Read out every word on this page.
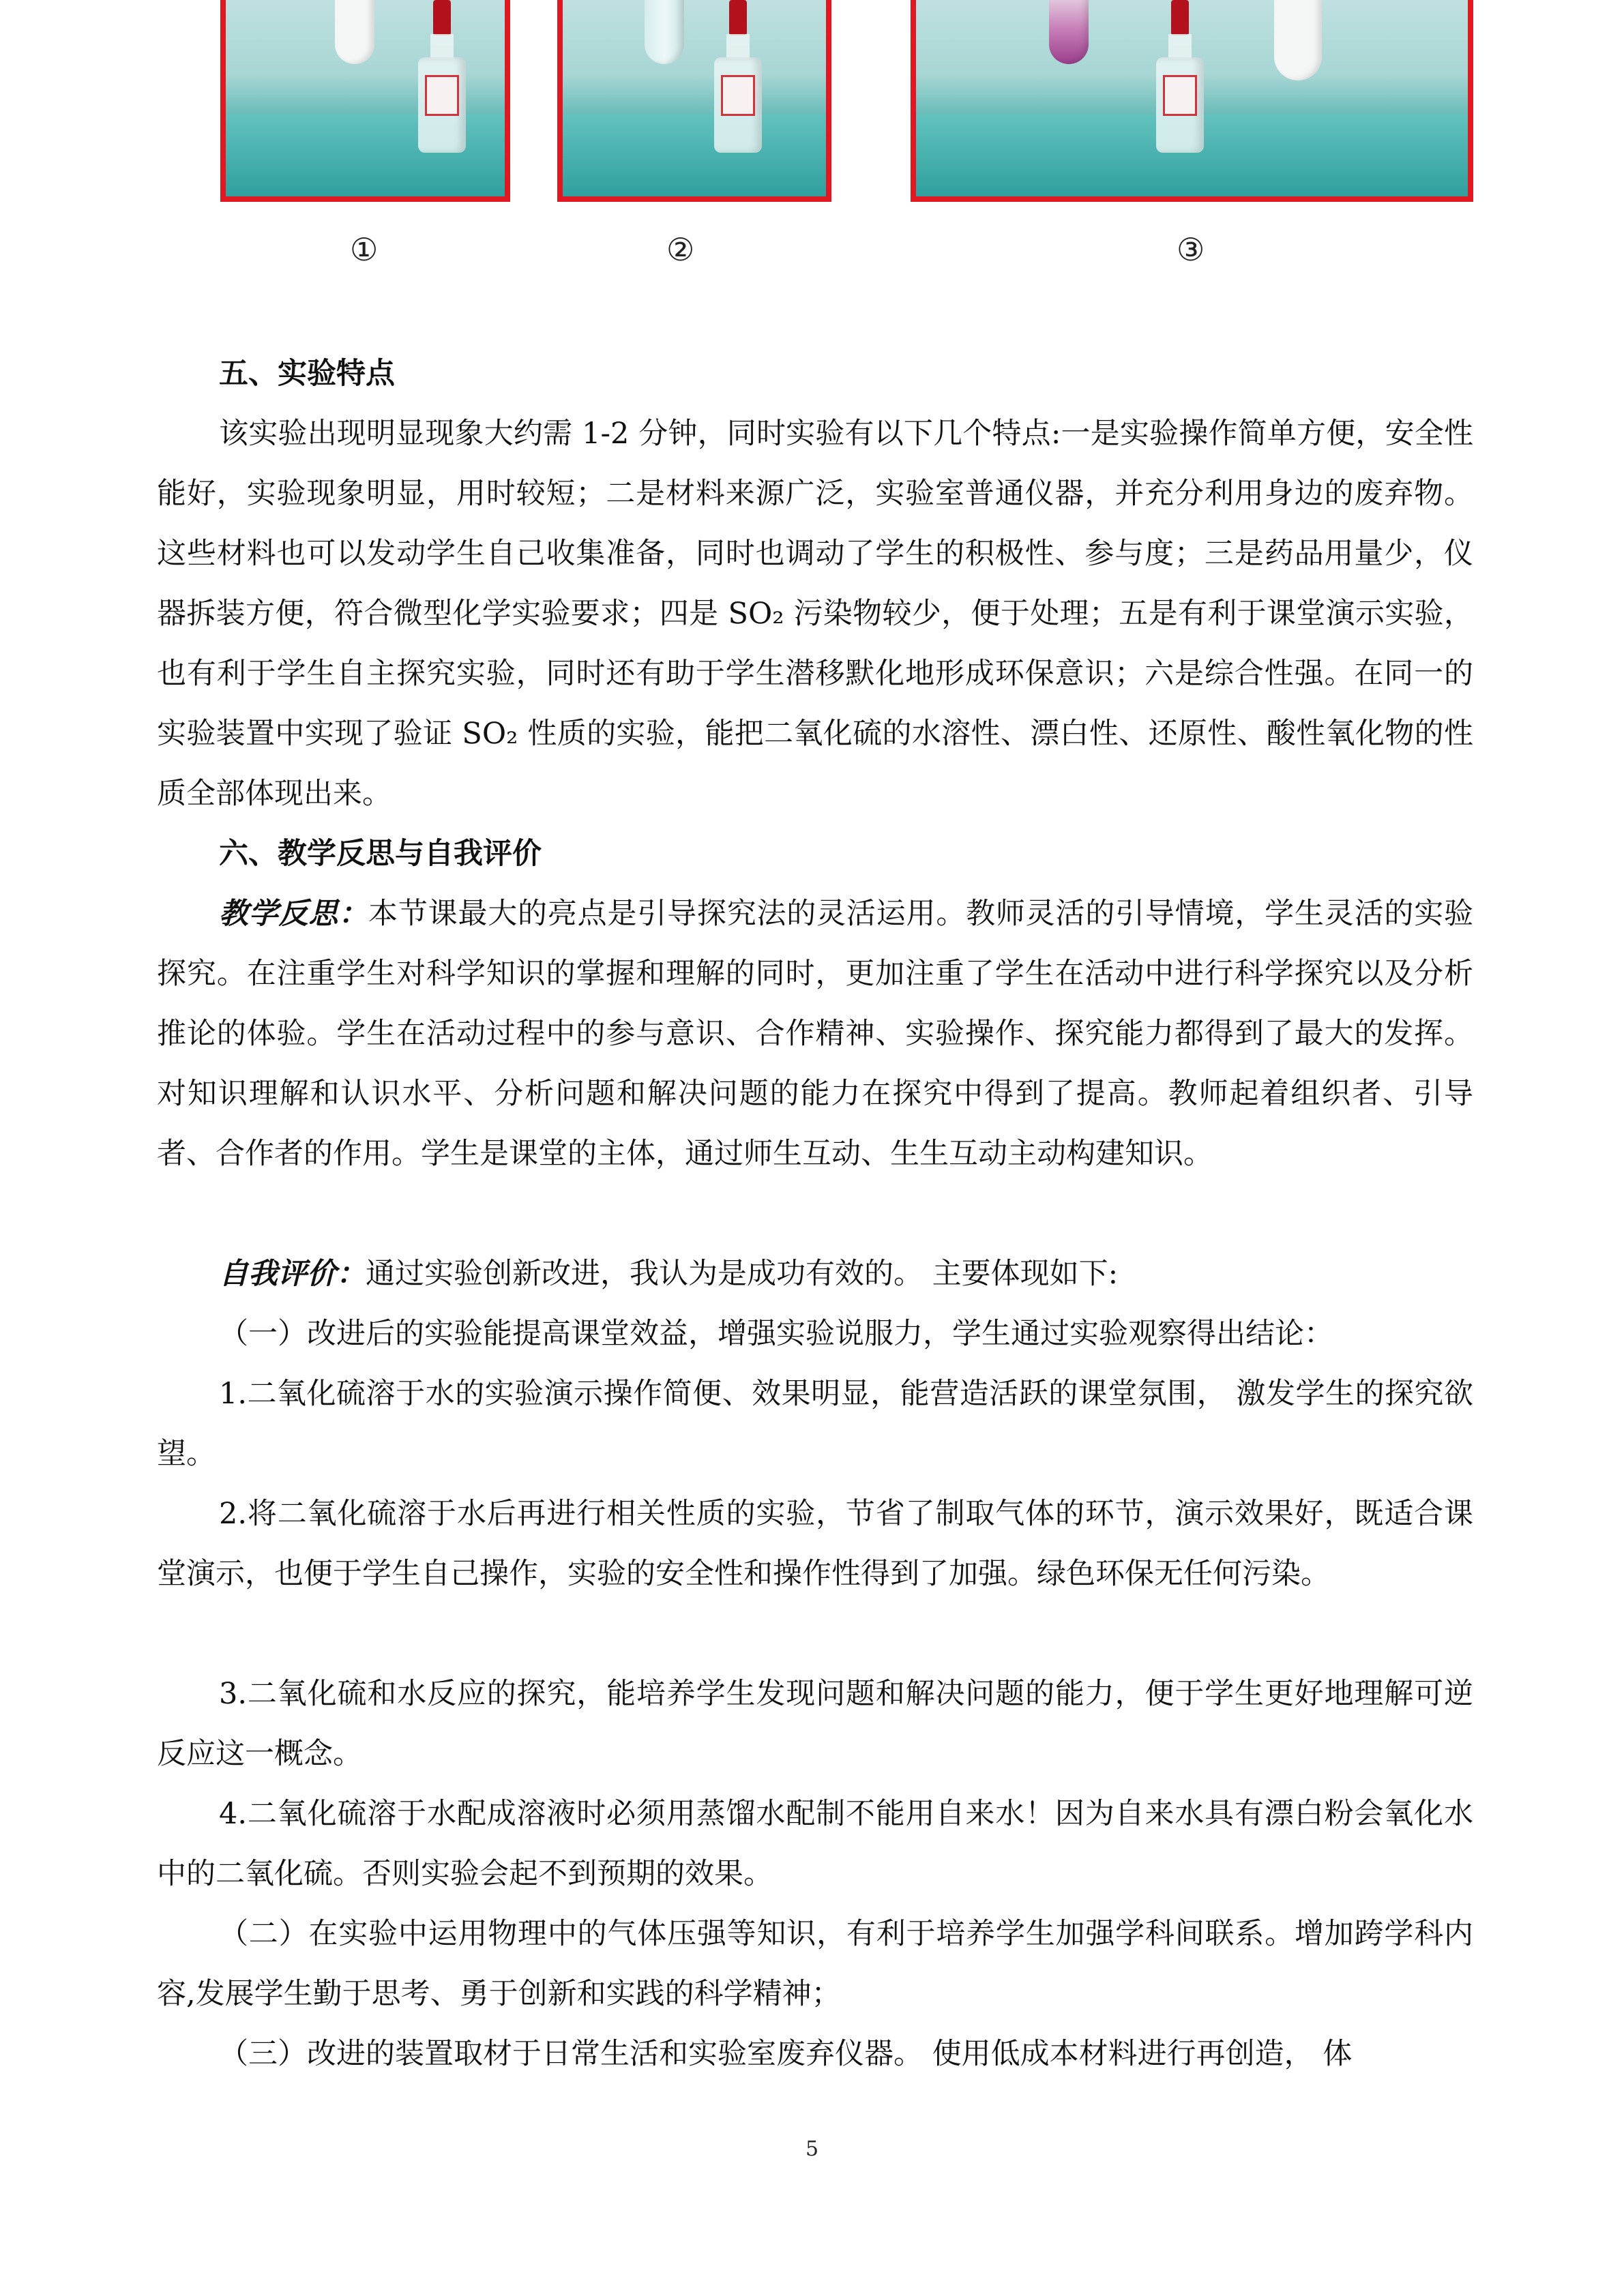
①	②	③
五、实验特点

该实验出现明显现象大约需 1-2 分钟，同时实验有以下几个特点:一是实验操作简单方便，安全性能好，实验现象明显，用时较短；二是材料来源广泛，实验室普通仪器，并充分利用身边的废弃物。这些材料也可以发动学生自己收集准备，同时也调动了学生的积极性、参与度；三是药品用量少，仪器拆装方便，符合微型化学实验要求；四是 SO₂ 污染物较少，便于处理；五是有利于课堂演示实验， 也有利于学生自主探究实验，同时还有助于学生潜移默化地形成环保意识；六是综合性强。在同一的实验装置中实现了验证 SO₂ 性质的实验，能把二氧化硫的水溶性、漂白性、还原性、酸性氧化物的性质全部体现出来。

六、教学反思与自我评价

教学反思：本节课最大的亮点是引导探究法的灵活运用。教师灵活的引导情境，学生灵活的实验探究。在注重学生对科学知识的掌握和理解的同时，更加注重了学生在活动中进行科学探究以及分析推论的体验。学生在活动过程中的参与意识、合作精神、实验操作、探究能力都得到了最大的发挥。对知识理解和认识水平、分析问题和解决问题的能力在探究中得到了提高。教师起着组织者、引导者、合作者的作用。学生是课堂的主体，通过师生互动、生生互动主动构建知识。

自我评价：通过实验创新改进，我认为是成功有效的。 主要体现如下:

（一）改进后的实验能提高课堂效益，增强实验说服力，学生通过实验观察得出结论：

1.二氧化硫溶于水的实验演示操作简便、效果明显，能营造活跃的课堂氛围， 激发学生的探究欲望。

2.将二氧化硫溶于水后再进行相关性质的实验，节省了制取气体的环节，演示效果好，既适合课堂演示，也便于学生自己操作，实验的安全性和操作性得到了加强。绿色环保无任何污染。

3.二氧化硫和水反应的探究，能培养学生发现问题和解决问题的能力，便于学生更好地理解可逆反应这一概念。

4.二氧化硫溶于水配成溶液时必须用蒸馏水配制不能用自来水！因为自来水具有漂白粉会氧化水中的二氧化硫。否则实验会起不到预期的效果。

（二）在实验中运用物理中的气体压强等知识，有利于培养学生加强学科间联系。增加跨学科内容,发展学生勤于思考、勇于创新和实践的科学精神；

（三）改进的装置取材于日常生活和实验室废弃仪器。 使用低成本材料进行再创造， 体

5
